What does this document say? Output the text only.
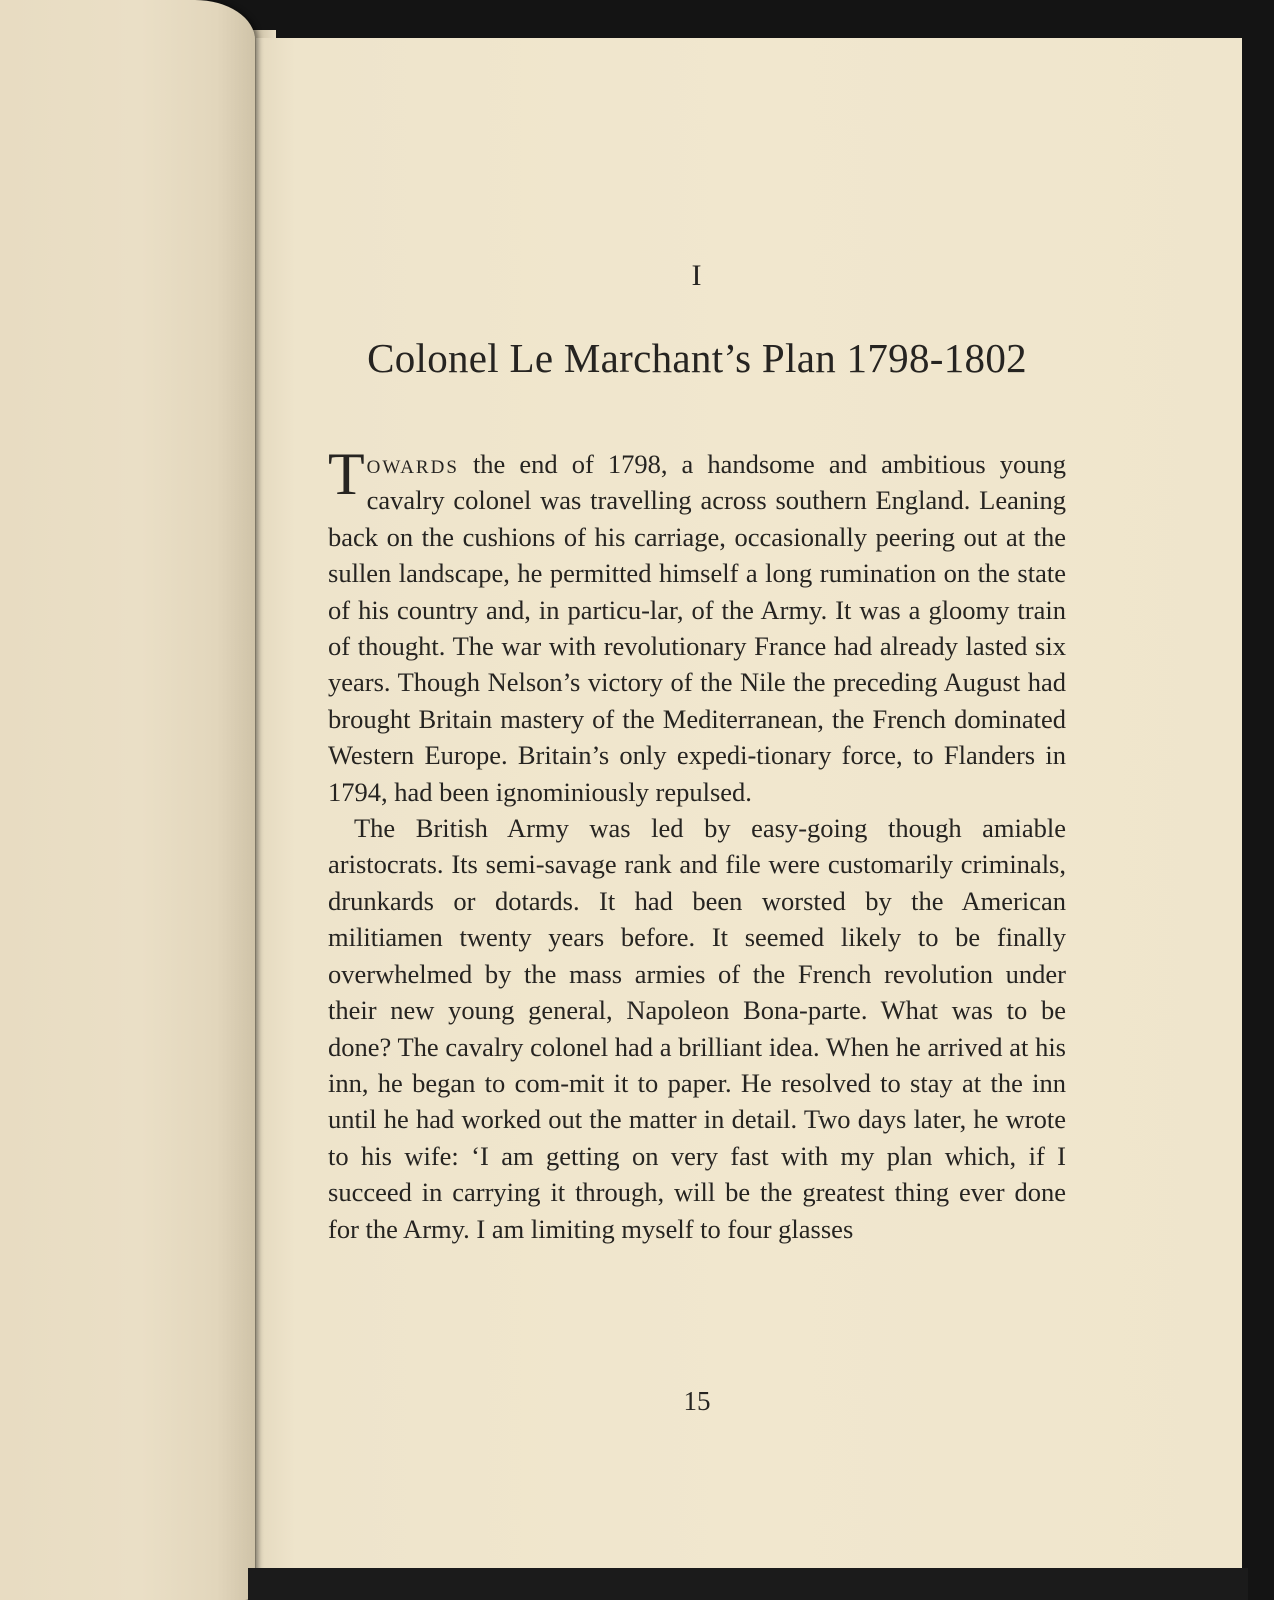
I
Colonel Le Marchant’s Plan 1798-1802

Towards the end of 1798, a handsome and ambitious young cavalry colonel was travelling across southern England. Leaning back on the cushions of his carriage, occasionally peering out at the sullen landscape, he permitted himself a long rumination on the state of his country and, in particu-lar, of the Army. It was a gloomy train of thought. The war with revolutionary France had already lasted six years. Though Nelson’s victory of the Nile the preceding August had brought Britain mastery of the Mediterranean, the French dominated Western Europe. Britain’s only expedi-tionary force, to Flanders in 1794, had been ignominiously repulsed.

The British Army was led by easy-going though amiable aristocrats. Its semi-savage rank and file were customarily criminals, drunkards or dotards. It had been worsted by the American militiamen twenty years before. It seemed likely to be finally overwhelmed by the mass armies of the French revolution under their new young general, Napoleon Bona-parte. What was to be done? The cavalry colonel had a brilliant idea. When he arrived at his inn, he began to com-mit it to paper. He resolved to stay at the inn until he had worked out the matter in detail. Two days later, he wrote to his wife: ‘I am getting on very fast with my plan which, if I succeed in carrying it through, will be the greatest thing ever done for the Army. I am limiting myself to four glasses

15
